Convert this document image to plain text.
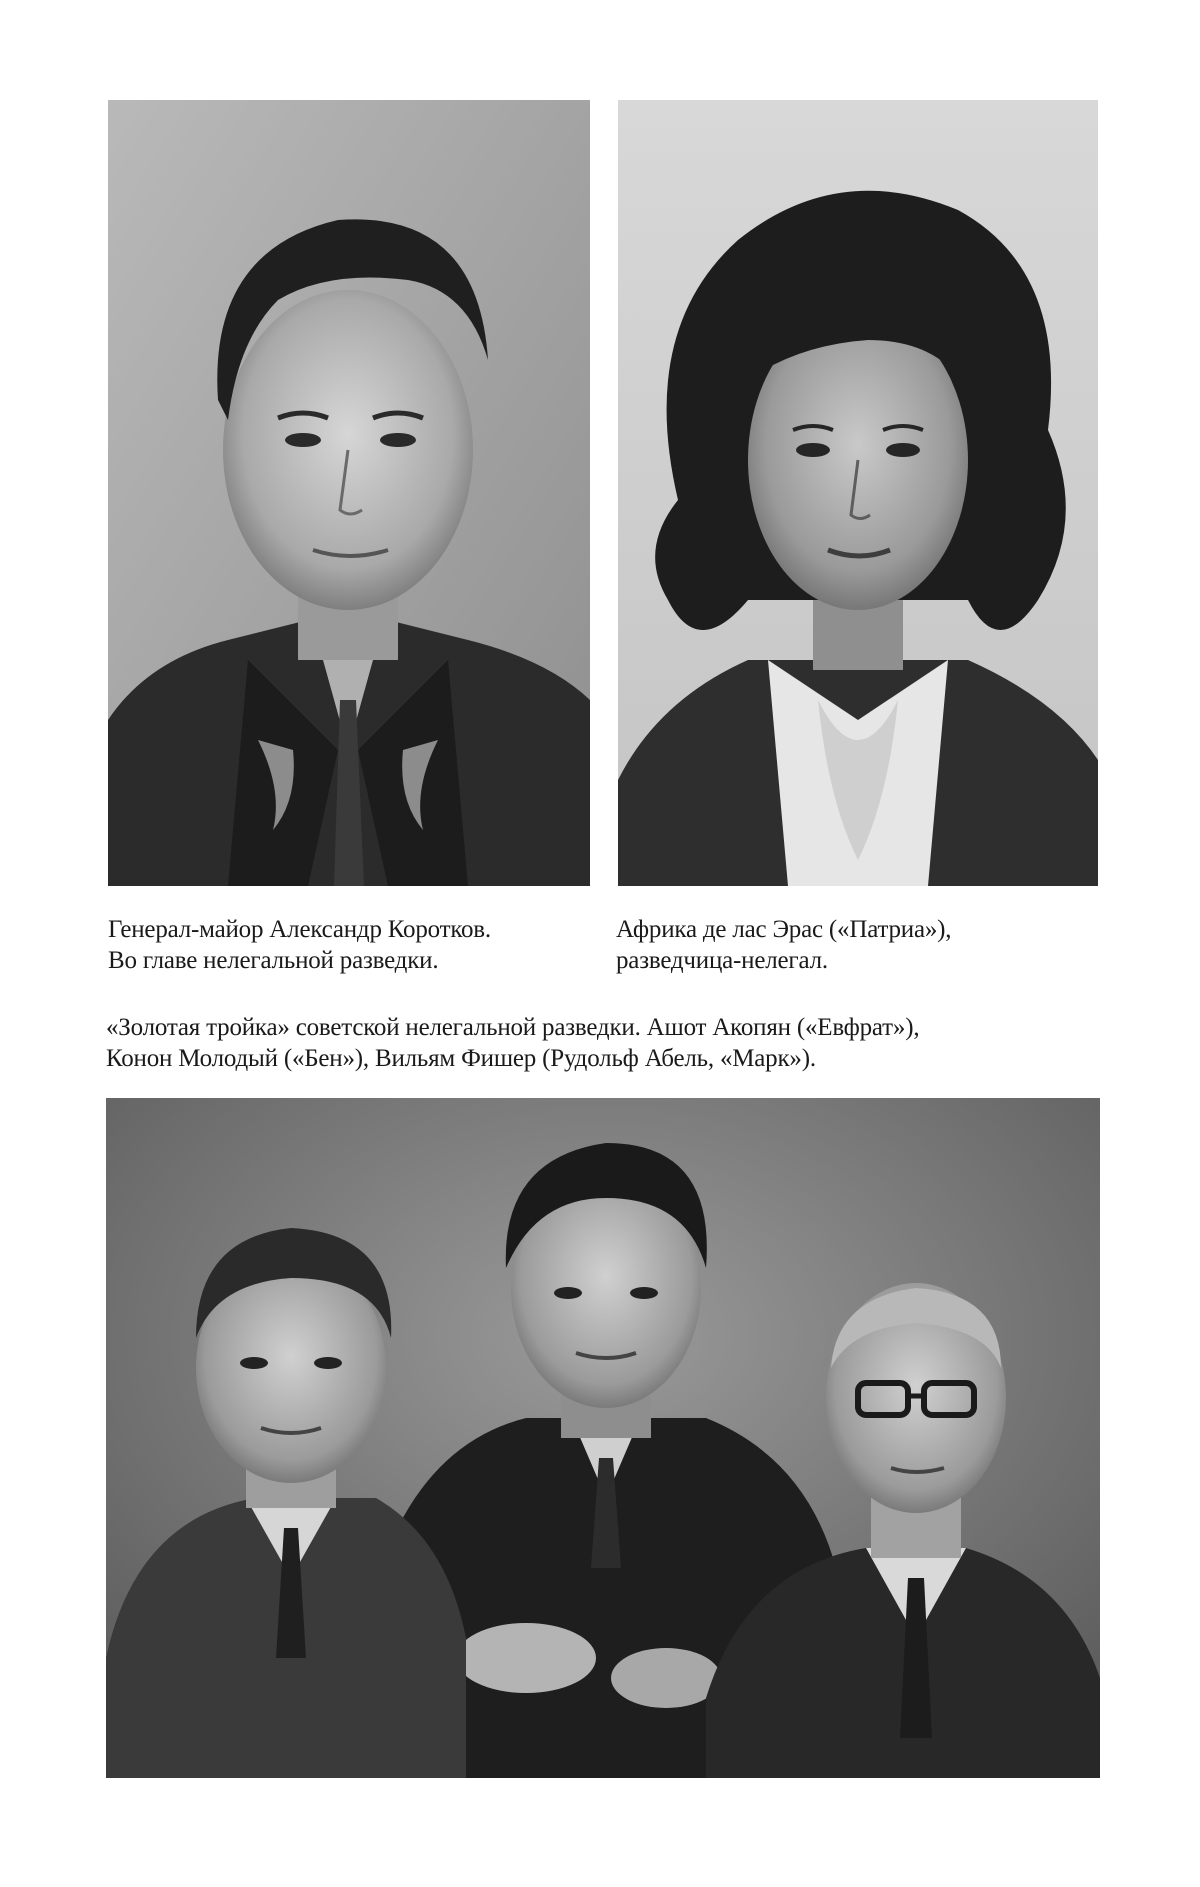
Генерал-майор Александр Коротков.
Во главе нелегальной разведки.
Африка де лас Эрас («Патриа»),
разведчица-нелегал.
«Золотая тройка» советской нелегальной разведки. Ашот Акопян («Евфрат»),
Конон Молодый («Бен»), Вильям Фишер (Рудольф Абель, «Марк»).
